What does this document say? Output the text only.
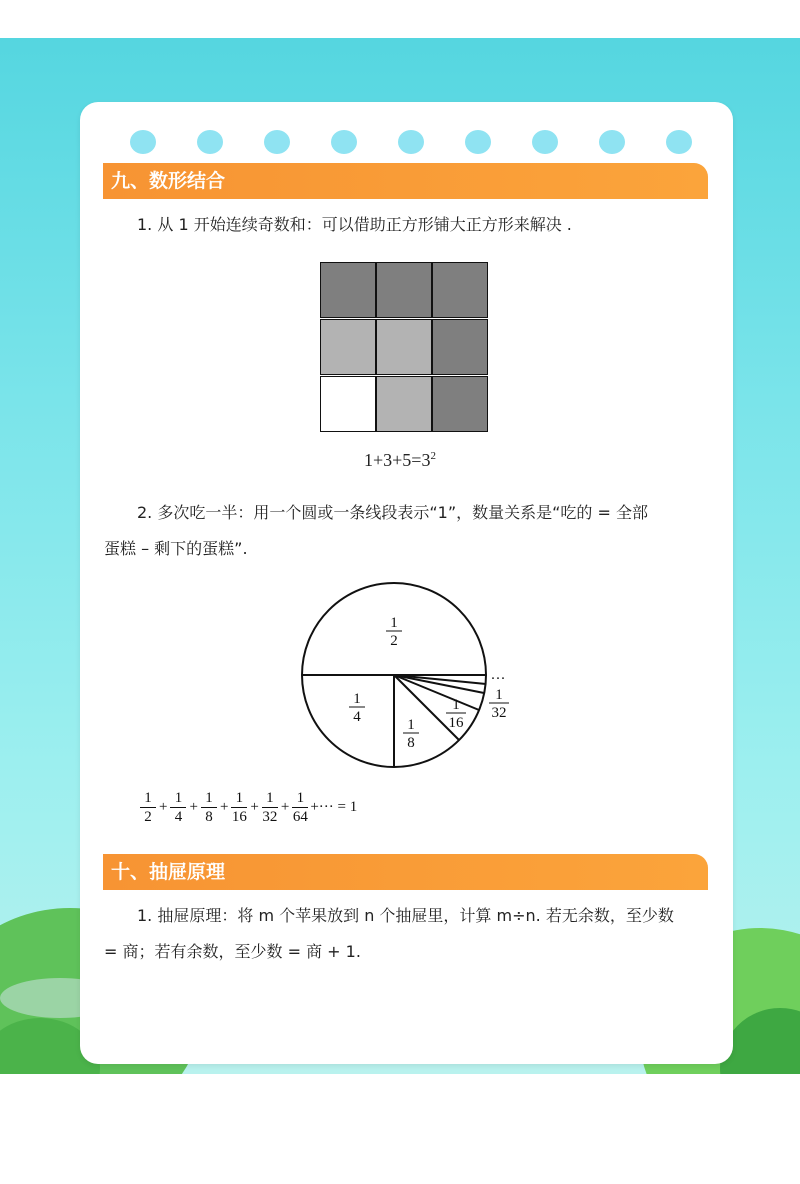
九、数形结合
1. 从 1 开始连续奇数和：可以借助正方形铺大正方形来解决 .
$1+3+5=3^2$
2. 多次吃一半：用一个圆或一条线段表示“1”，数量关系是“吃的 = 全部
蛋糕 – 剩下的蛋糕”.
1
2
1
4	1
8
1
16
1
32
···
$\frac{1}{2} + \frac{1}{4} + \frac{1}{8} + \frac{1}{16} + \frac{1}{32} + \frac{1}{64}$ +··· = 1
十、抽屉原理
1. 抽屉原理：将 m 个苹果放到 n 个抽屉里，计算 m÷n. 若无余数，至少数
= 商；若有余数，至少数 = 商 + 1.
